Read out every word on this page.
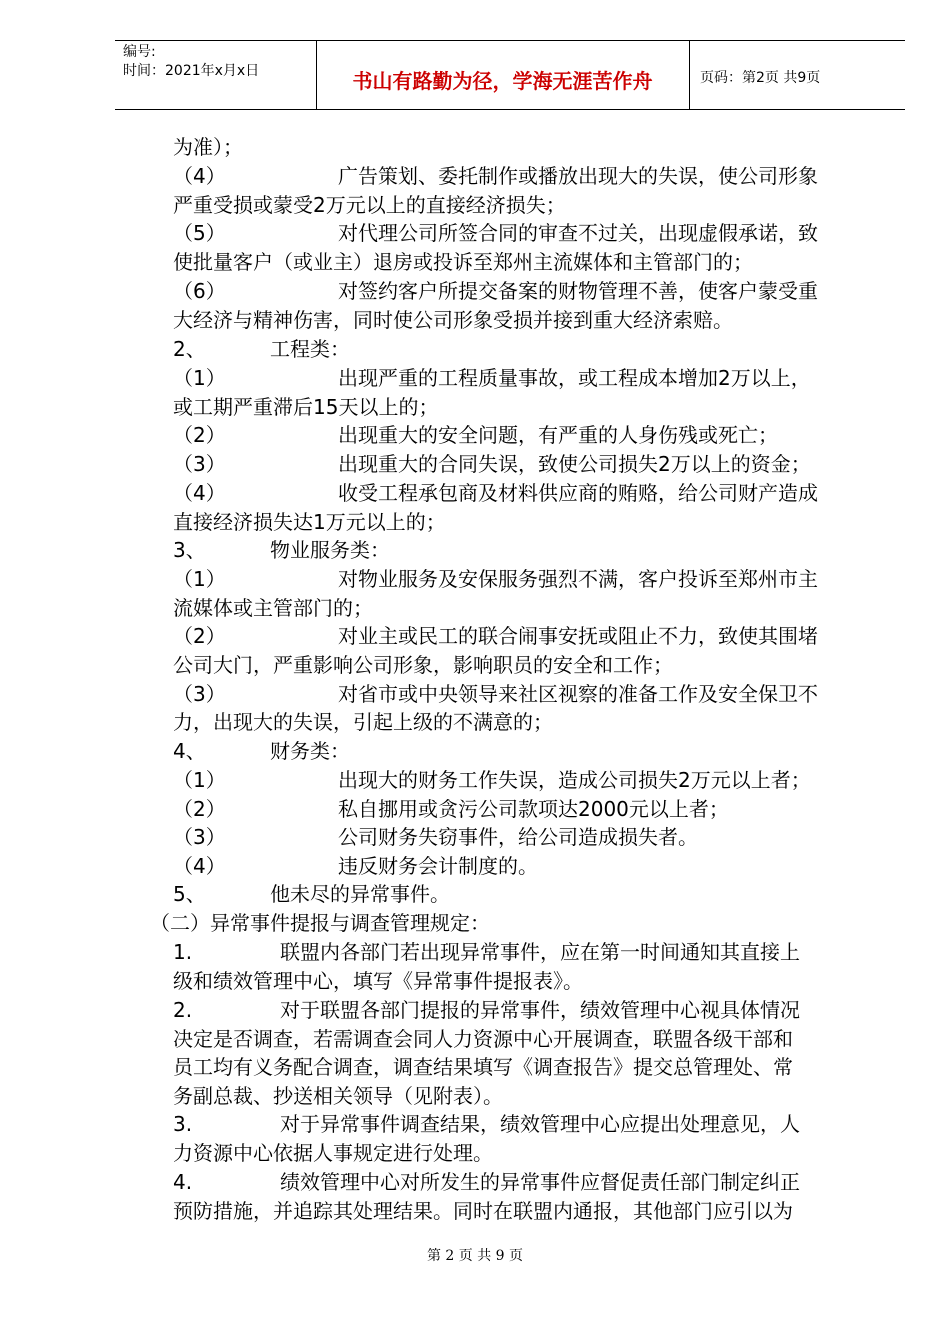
编号:
时间：2021年x月x日	书山有路勤为径，学海无涯苦作舟	页码：第2页 共9页
为准）；
（4）	广告策划、委托制作或播放出现大的失误，使公司形象
严重受损或蒙受2万元以上的直接经济损失；
（5）	对代理公司所签合同的审查不过关，出现虚假承诺，致
使批量客户（或业主）退房或投诉至郑州主流媒体和主管部门的；
（6）	对签约客户所提交备案的财物管理不善，使客户蒙受重
大经济与精神伤害，同时使公司形象受损并接到重大经济索赔。
2、	工程类：
（1）	出现严重的工程质量事故，或工程成本增加2万以上，
或工期严重滞后15天以上的；
（2）	出现重大的安全问题，有严重的人身伤残或死亡；
（3）	出现重大的合同失误，致使公司损失2万以上的资金；
（4）	收受工程承包商及材料供应商的贿赂，给公司财产造成
直接经济损失达1万元以上的；
3、	物业服务类：
（1）	对物业服务及安保服务强烈不满，客户投诉至郑州市主
流媒体或主管部门的；
（2）	对业主或民工的联合闹事安抚或阻止不力，致使其围堵
公司大门，严重影响公司形象，影响职员的安全和工作；
（3）	对省市或中央领导来社区视察的准备工作及安全保卫不
力，出现大的失误，引起上级的不满意的；
4、	财务类：
（1）	出现大的财务工作失误，造成公司损失2万元以上者；
（2）	私自挪用或贪污公司款项达2000元以上者；
（3）	公司财务失窃事件，给公司造成损失者。
（4）	违反财务会计制度的。
5、	他未尽的异常事件。
（二）异常事件提报与调查管理规定：
1.	联盟内各部门若出现异常事件，应在第一时间通知其直接上
级和绩效管理中心，填写《异常事件提报表》。
2.	对于联盟各部门提报的异常事件，绩效管理中心视具体情况
决定是否调查，若需调查会同人力资源中心开展调查，联盟各级干部和
员工均有义务配合调查，调查结果填写《调查报告》提交总管理处、常
务副总裁、抄送相关领导（见附表）。
3.	对于异常事件调查结果，绩效管理中心应提出处理意见，人
力资源中心依据人事规定进行处理。
4.	绩效管理中心对所发生的异常事件应督促责任部门制定纠正
预防措施，并追踪其处理结果。同时在联盟内通报，其他部门应引以为
第 2 页 共 9 页
